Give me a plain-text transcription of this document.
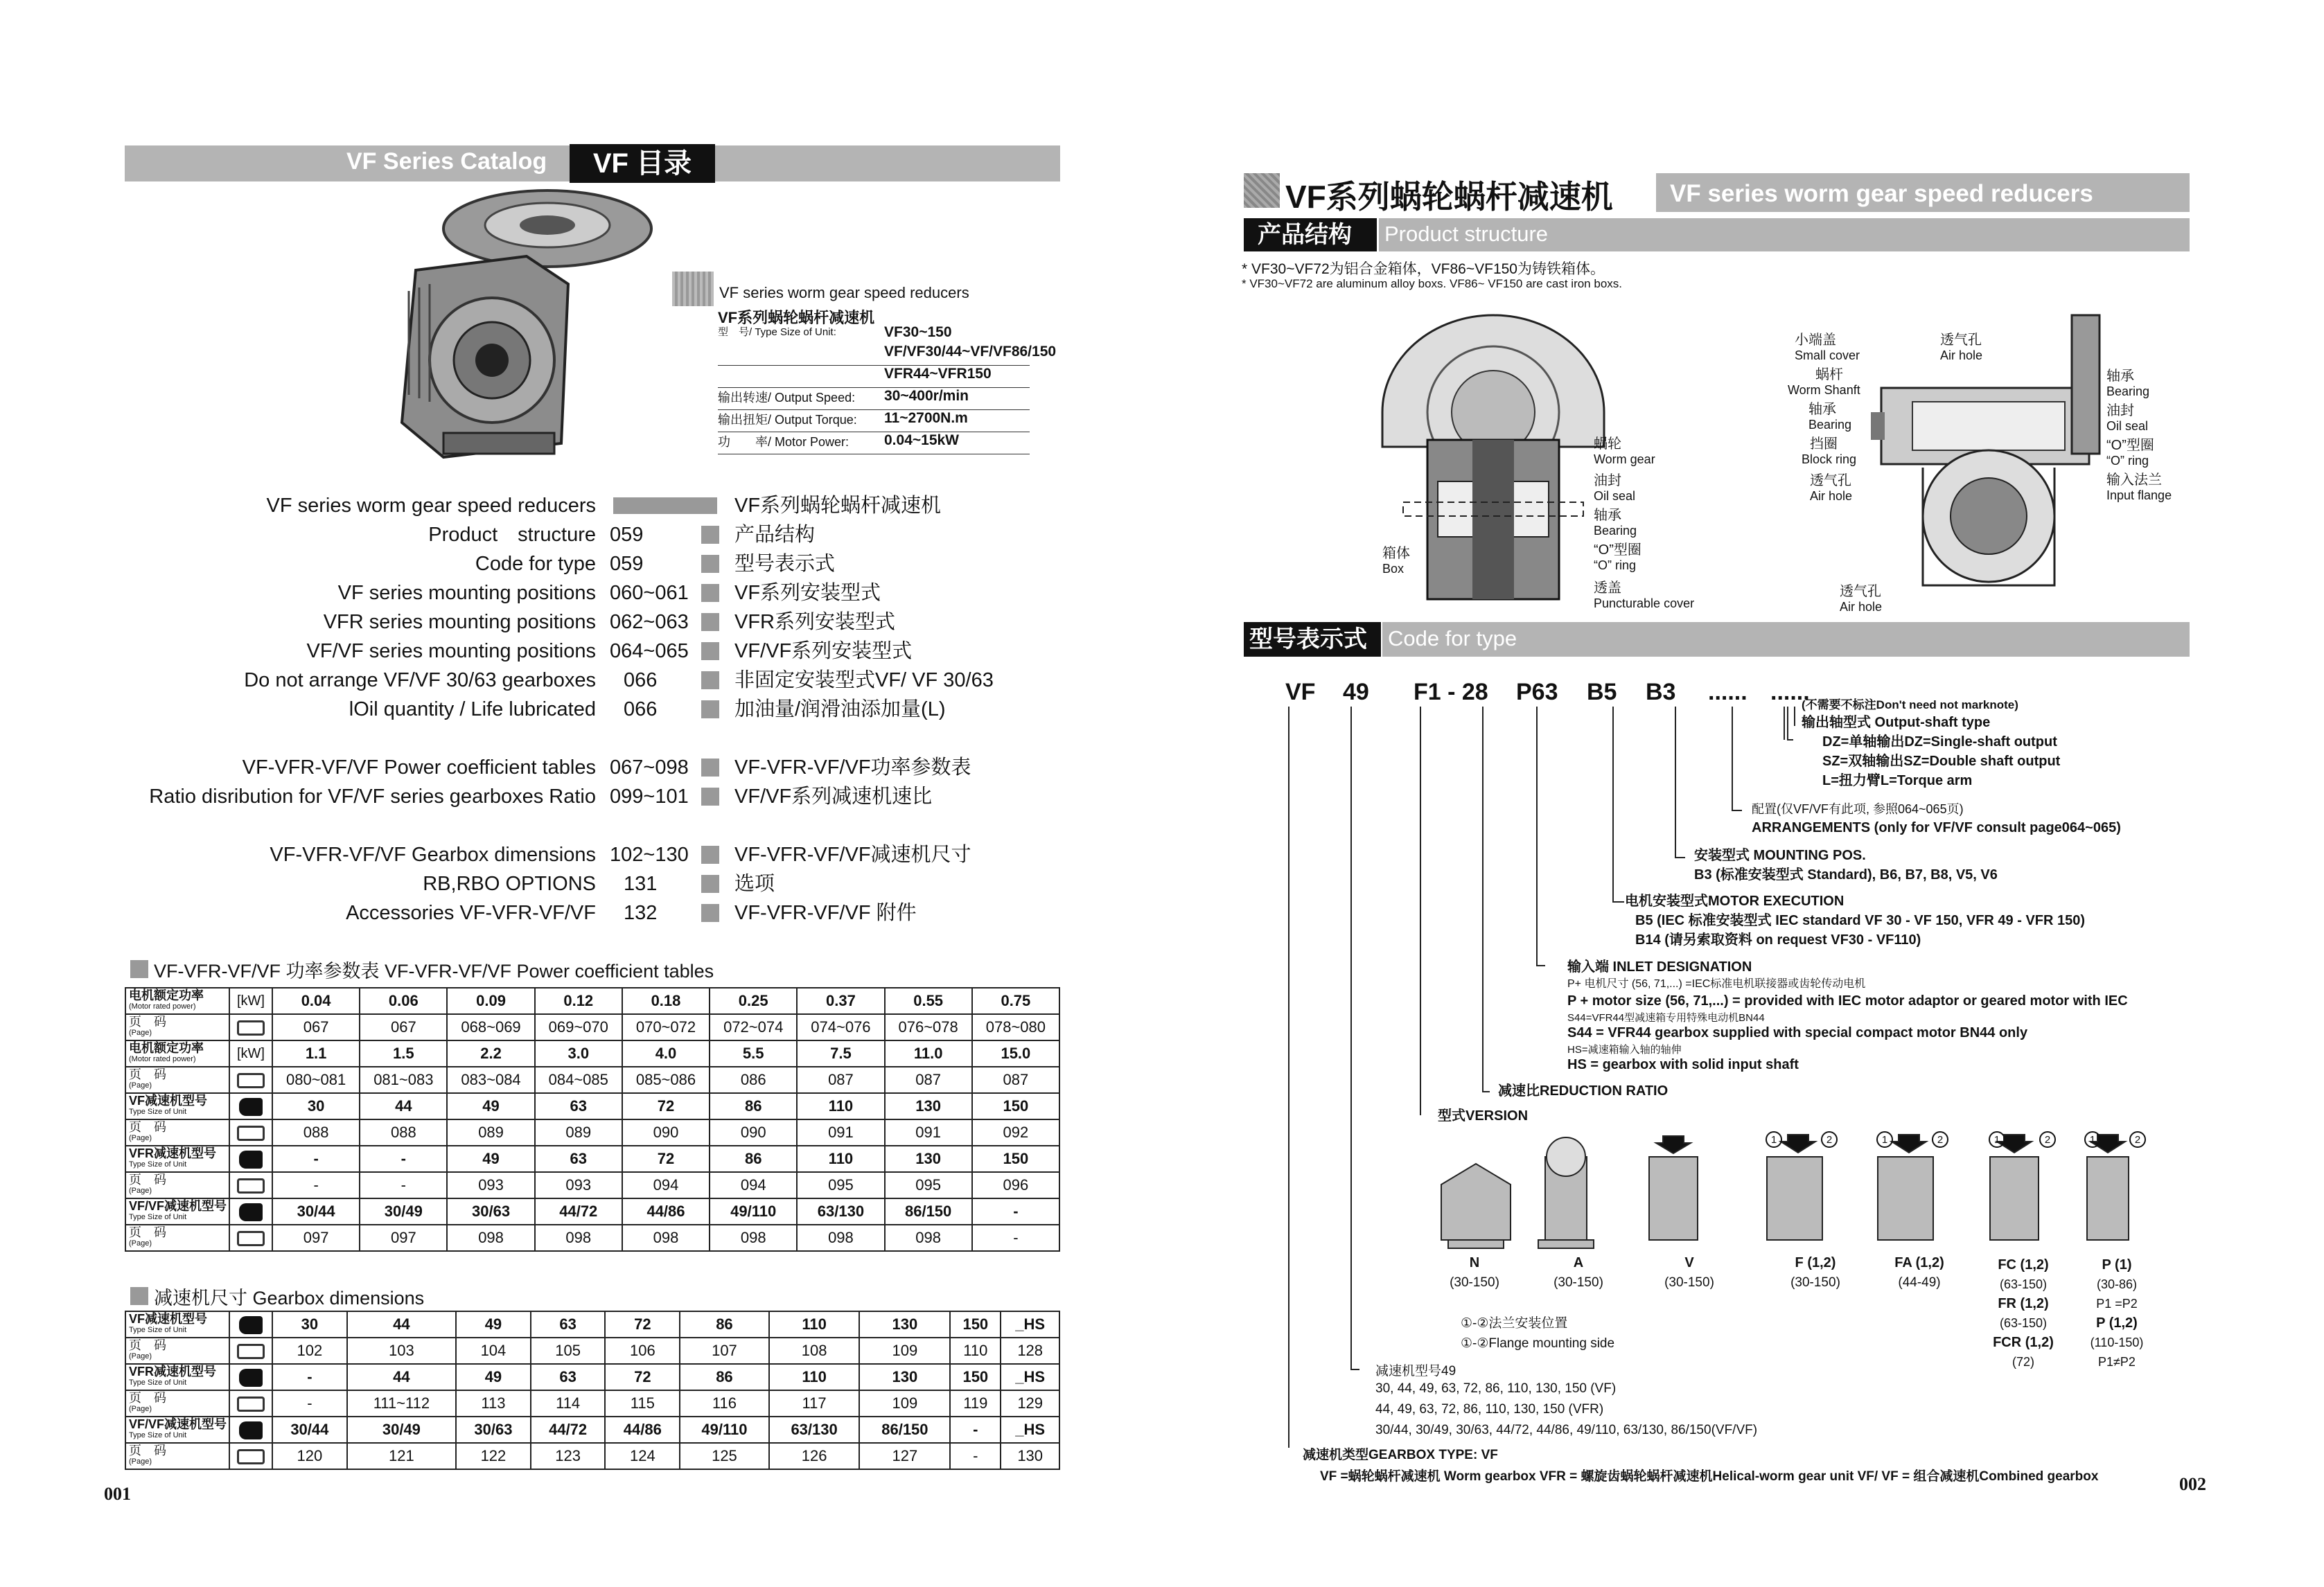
VF Series Catalog	VF 目录
VF series worm gear speed reducers
VF系列蜗轮蜗杆减速机
型　号/ Type Size of Unit:	VF30~150
VF/VF30/44~VF/VF86/150
VFR44~VFR150
输出转速/ Output Speed: 30~400r/min
输出扭矩/ Output Torque: 11~2700N.m
功　　率/ Motor Power: 0.04~15kW
VF series worm gear speed reducers	VF系列蜗轮蜗杆减速机
Product　structure 059	产品结构
Code for type 059	型号表示式
VF series mounting positions 060~061 VF系列安装型式
VFR series mounting positions 062~063 VFR系列安装型式
VF/VF series mounting positions 064~065 VF/VF系列安装型式
Do not arrange VF/VF 30/63 gearboxes 066	非固定安装型式VF/ VF 30/63
lOil quantity / Life lubricated 066	加油量/润滑油添加量(L)
VF-VFR-VF/VF Power coefficient tables 067~098 VF-VFR-VF/VF功率参数表
Ratio disribution for VF/VF series gearboxes Ratio 099~101 VF/VF系列减速机速比
VF-VFR-VF/VF Gearbox dimensions 102~130 VF-VFR-VF/VF减速机尺寸
RB,RBO OPTIONS 131	选项
Accessories VF-VFR-VF/VF 132	VF-VFR-VF/VF 附件
VF-VFR-VF/VF 功率参数表 VF-VFR-VF/VF Power coefficient tables
电机额定功率
(Motor rated power)	[kW]	0.04	0.06	0.09	0.12	0.18	0.25	0.37	0.55	0.75
页　码
(Page)		067	067	068~069	069~070	070~072	072~074	074~076	076~078	078~080
电机额定功率
(Motor rated power)	[kW]	1.1	1.5	2.2	3.0	4.0	5.5	7.5	11.0	15.0
页　码
(Page)		080~081	081~083	083~084	084~085	085~086	086	087	087	087
VF减速机型号
Type Size of Unit		30	44	49	63	72	86	110	130	150
页　码
(Page)		088	088	089	089	090	090	091	091	092
VFR减速机型号
Type Size of Unit		-	-	49	63	72	86	110	130	150
页　码
(Page)		-	-	093	093	094	094	095	095	096
VF/VF减速机型号
Type Size of Unit		30/44	30/49	30/63	44/72	44/86	49/110	63/130	86/150	-
页　码
(Page)		097	097	098	098	098	098	098	098	-
减速机尺寸 Gearbox dimensions
VF减速机型号
Type Size of Unit		30	44	49	63	72	86	110	130	150	_HS
页　码
(Page)		102	103	104	105	106	107	108	109	110	128
VFR减速机型号
Type Size of Unit		-	44	49	63	72	86	110	130	150	_HS
页　码
(Page)		-	111~112	113	114	115	116	117	109	119	129
VF/VF减速机型号
Type Size of Unit		30/44	30/49	30/63	44/72	44/86	49/110	63/130	86/150	-	_HS
页　码
(Page)		120	121	122	123	124	125	126	127	-	130
001
VF系列蜗轮蜗杆减速机 VF series worm gear speed reducers
产品结构	Product structure
* VF30~VF72为铝合金箱体，VF86~VF150为铸铁箱体。
* VF30~VF72 are aluminum alloy boxs. VF86~ VF150 are cast iron boxs.
蜗轮
Worm gear
油封
Oil seal
轴承
Bearing
“O”型圈
“O” ring
透盖
Puncturable cover
箱体
Box
小端盖
Small cover
蜗杆
Worm Shanft
轴承
Bearing
挡圈
Block ring
透气孔
Air hole
透气孔
Air hole
轴承
Bearing
油封
Oil seal
“O”型圈
“O” ring
输入法兰
Input flange
透气孔
Air hole
型号表示式 Code for type
VF 49 F1 - 28 P63 B5 B3 ...... ......
(不需要不标注Don't need not marknote)
输出轴型式 Output-shaft type
DZ=单轴输出DZ=Single-shaft output
SZ=双轴输出SZ=Double shaft output
L=扭力臂L=Torque arm
配置(仅VF/VF有此项, 参照064~065页)
ARRANGEMENTS (only for VF/VF consult page064~065)
安装型式 MOUNTING POS.
B3 (标准安装型式 Standard), B6, B7, B8, V5, V6
电机安装型式MOTOR EXECUTION
B5 (IEC 标准安装型式 IEC standard VF 30 - VF 150, VFR 49 - VFR 150)
B14 (请另索取资料 on request VF30 - VF110)
输入端 INLET DESIGNATION
P+ 电机尺寸 (56, 71,...) =IEC标准电机联接器或齿轮传动电机
P + motor size (56, 71,...) = provided with IEC motor adaptor or geared motor with IEC
S44=VFR44型减速箱专用特殊电动机BN44
S44 = VFR44 gearbox supplied with special compact motor BN44 only
HS=减速箱输入轴的轴伸
HS = gearbox with solid input shaft
减速比REDUCTION RATIO
型式VERSION
1	2	1	2	1	2	1	2
N
(30-150)
A
(30-150)
V
(30-150)
F (1,2)
(30-150)
FA (1,2)
(44-49)
FC (1,2)
(63-150)
FR (1,2)
(63-150)
FCR (1,2)
(72)
P (1)
(30-86)
P1 =P2
P (1,2)
(110-150)
P1≠P2
①-②法兰安装位置
①-②Flange mounting side
减速机型号49
30, 44, 49, 63, 72, 86, 110, 130, 150 (VF)
44, 49, 63, 72, 86, 110, 130, 150 (VFR)
30/44, 30/49, 30/63, 44/72, 44/86, 49/110, 63/130, 86/150(VF/VF)
减速机类型GEARBOX TYPE: VF
VF =蜗轮蜗杆减速机 Worm gearbox VFR = 螺旋齿蜗轮蜗杆减速机Helical-worm gear unit VF/ VF = 组合减速机Combined gearbox	002
